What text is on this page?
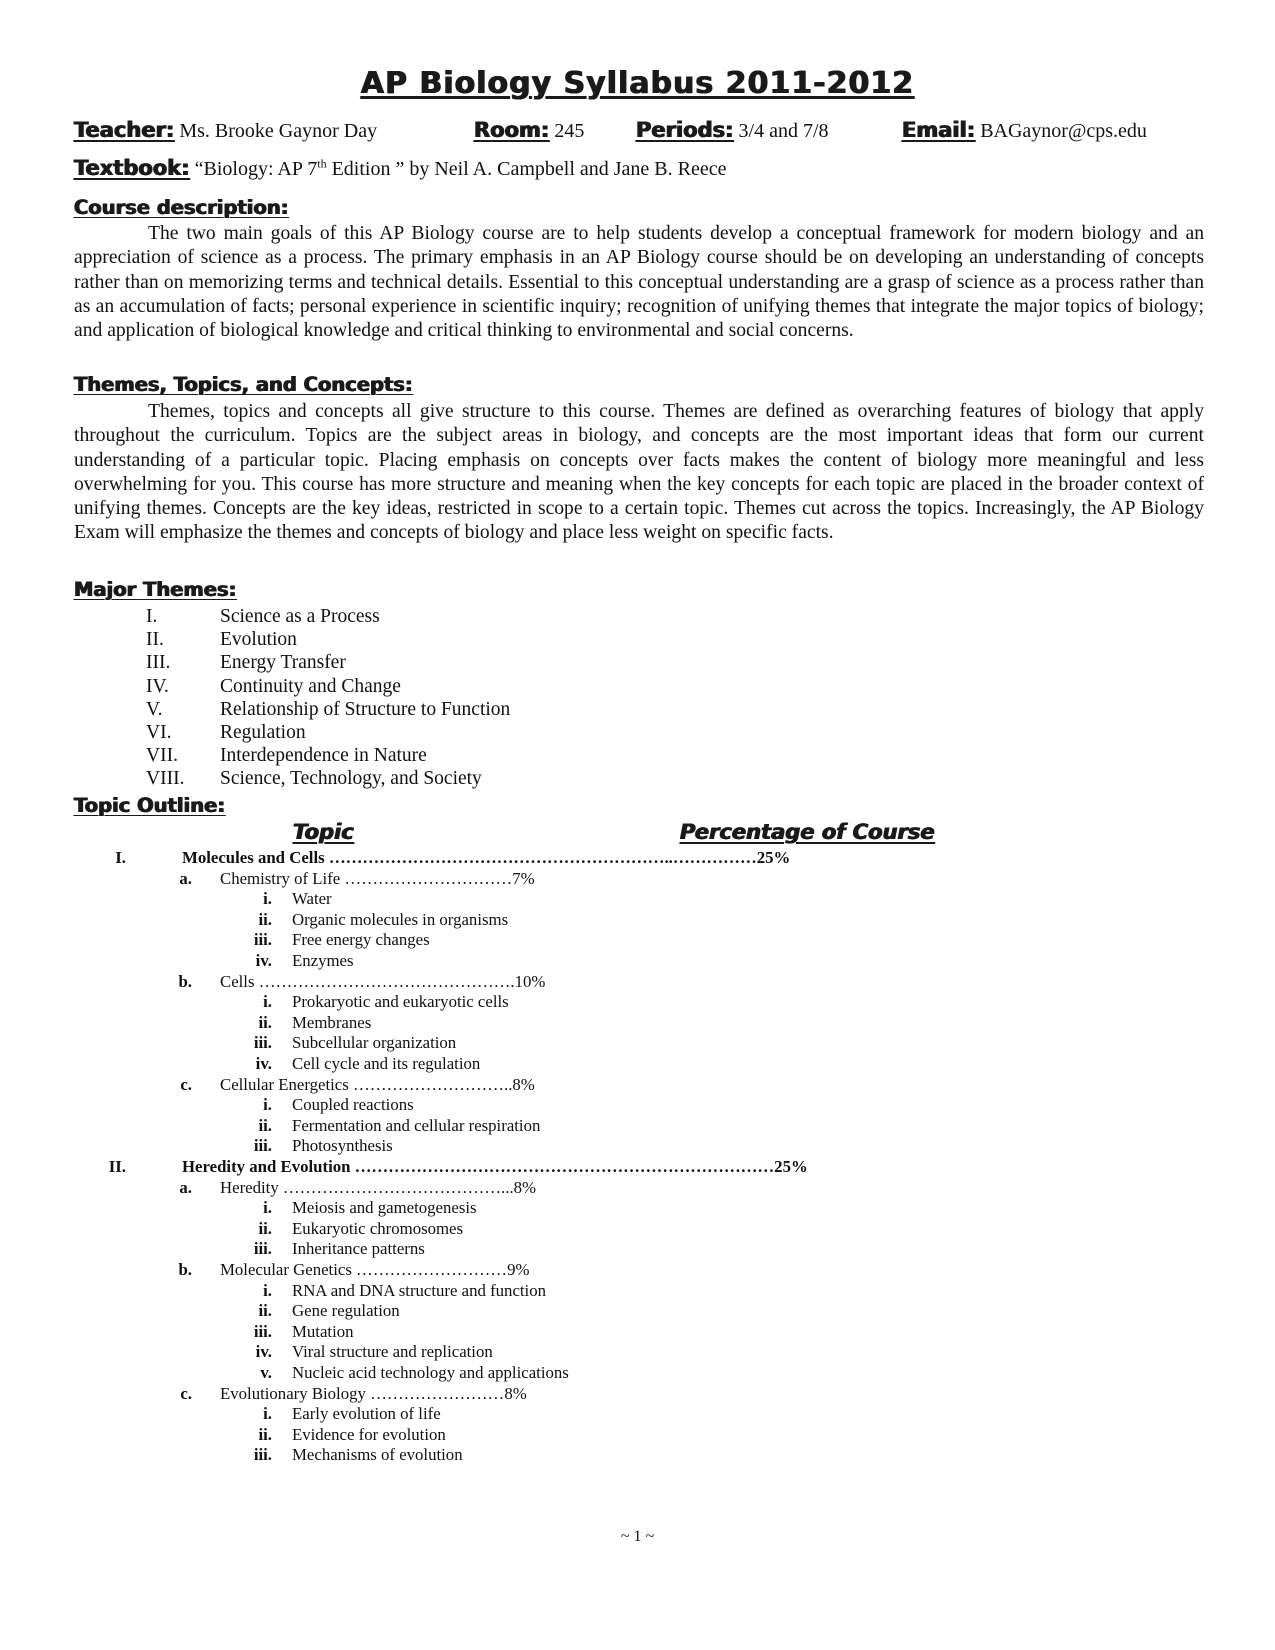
AP Biology Syllabus 2011-2012
Teacher: Ms. Brooke Gaynor Day	Room: 245 Periods: 3/4 and 7/8	Email: BAGaynor@cps.edu
Textbook: “Biology: AP 7th Edition ” by Neil A. Campbell and Jane B. Reece
Course description:
The two main goals of this AP Biology course are to help students develop a conceptual framework for modern biology and an appreciation of science as a process. The primary emphasis in an AP Biology course should be on developing an understanding of concepts rather than on memorizing terms and technical details. Essential to this conceptual understanding are a grasp of science as a process rather than as an accumulation of facts; personal experience in scientific inquiry; recognition of unifying themes that integrate the major topics of biology; and application of biological knowledge and critical thinking to environmental and social concerns.
Themes, Topics, and Concepts:
Themes, topics and concepts all give structure to this course. Themes are defined as overarching features of biology that apply throughout the curriculum. Topics are the subject areas in biology, and concepts are the most important ideas that form our current understanding of a particular topic. Placing emphasis on concepts over facts makes the content of biology more meaningful and less overwhelming for you. This course has more structure and meaning when the key concepts for each topic are placed in the broader context of unifying themes. Concepts are the key ideas, restricted in scope to a certain topic. Themes cut across the topics. Increasingly, the AP Biology Exam will emphasize the themes and concepts of biology and place less weight on specific facts.
Major Themes:
I.	Science as a Process
II.	Evolution
III.	Energy Transfer
IV.	Continuity and Change
V.	Relationship of Structure to Function
VI. Regulation
VII. Interdependence in Nature
VIII. Science, Technology, and Society
Topic Outline:
Topic	Percentage of Course
I.	Molecules and Cells ……………………………………………………..……………25%
a. Chemistry of Life …………………………7%
i. Water
ii. Organic molecules in organisms
iii. Free energy changes
iv. Enzymes
b. Cells ……………………………………….10%
i. Prokaryotic and eukaryotic cells
ii. Membranes
iii. Subcellular organization
iv. Cell cycle and its regulation
c. Cellular Energetics ………………………..8%
i. Coupled reactions
ii. Fermentation and cellular respiration
iii. Photosynthesis
II.	Heredity and Evolution …………………………………………………………………25%
a. Heredity …………………………………...8%
i. Meiosis and gametogenesis
ii. Eukaryotic chromosomes
iii. Inheritance patterns
b. Molecular Genetics ………………………9%
i. RNA and DNA structure and function
ii. Gene regulation
iii. Mutation
iv. Viral structure and replication
v. Nucleic acid technology and applications
c. Evolutionary Biology ……………………8%
i. Early evolution of life
ii. Evidence for evolution
iii. Mechanisms of evolution
~ 1 ~
